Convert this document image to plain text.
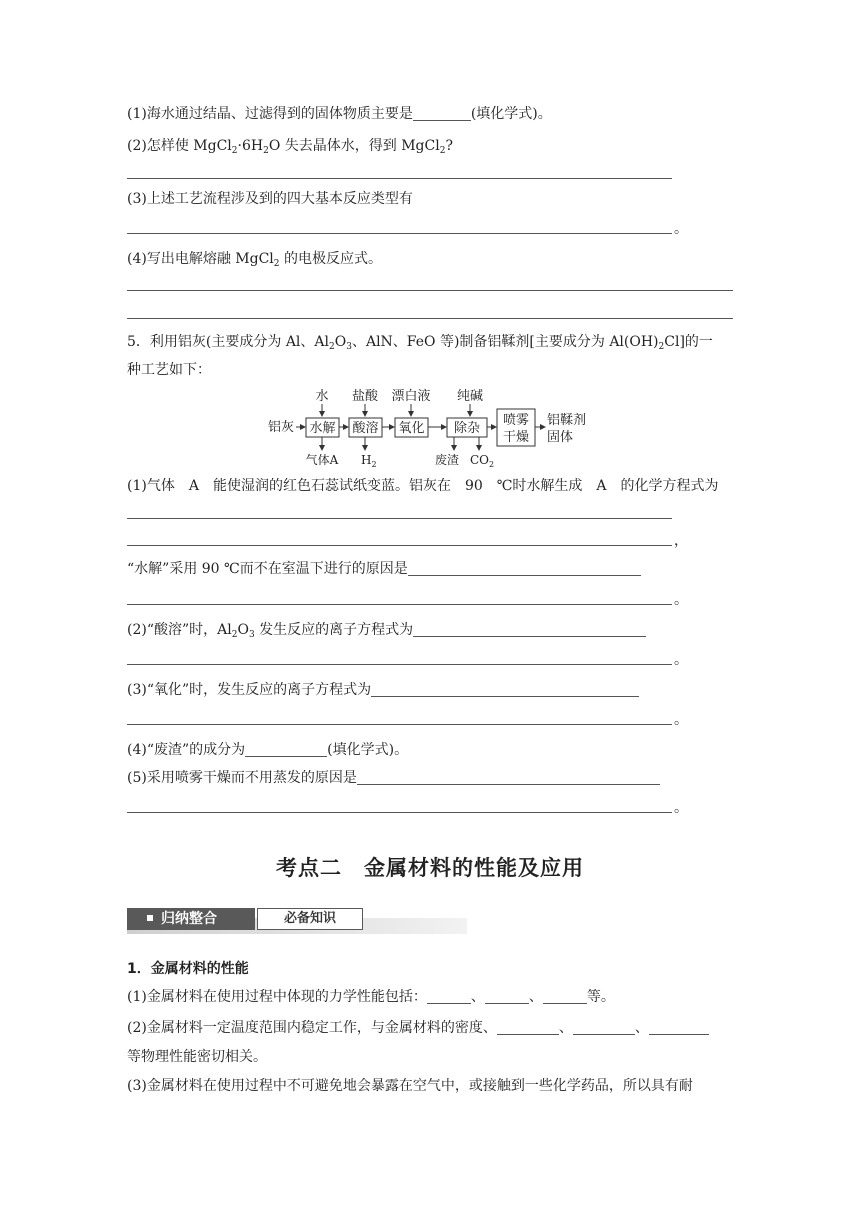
(1)海水通过结晶、过滤得到的固体物质主要是	(填化学式)。
(2)怎样使 $MgCl_2\cdot 6H_2O$ 失去晶体水，得到 MgCl$_2$?
(3)上述工艺流程涉及到的四大基本反应类型有
。
(4)写出电解熔融 MgCl$_2$ 的电极反应式。
5．利用铝灰(主要成分为 Al、$Al_2O_3$、AlN、FeO 等)制备铝鞣剂[主要成分为 $Al(OH)_2Cl$]的一
种工艺如下：
水 盐酸 漂白液 纯碱
铝灰 水解 酸溶 氧化 除杂
喷雾
干燥
铝鞣剂
固体
气体A $H_2$	废渣 $CO_2$
(1)气体　A　能使湿润的红色石蕊试纸变蓝。铝灰在　90　℃时水解生成　A　的化学方程式为
，
“水解”采用 90 ℃而不在室温下进行的原因是
。
(2)“酸溶”时，$Al_2O_3$ 发生反应的离子方程式为
。
(3)“氧化”时，发生反应的离子方程式为
。
(4)“废渣”的成分为	(填化学式)。
(5)采用喷雾干燥而不用蒸发的原因是
。
考点二　金属材料的性能及应用
归纳整合	必备知识
1．金属材料的性能
(1)金属材料在使用过程中体现的力学性能包括：	、	、	等。
(2)金属材料一定温度范围内稳定工作，与金属材料的密度、	、	、
等物理性能密切相关。
(3)金属材料在使用过程中不可避免地会暴露在空气中，或接触到一些化学药品，所以具有耐
